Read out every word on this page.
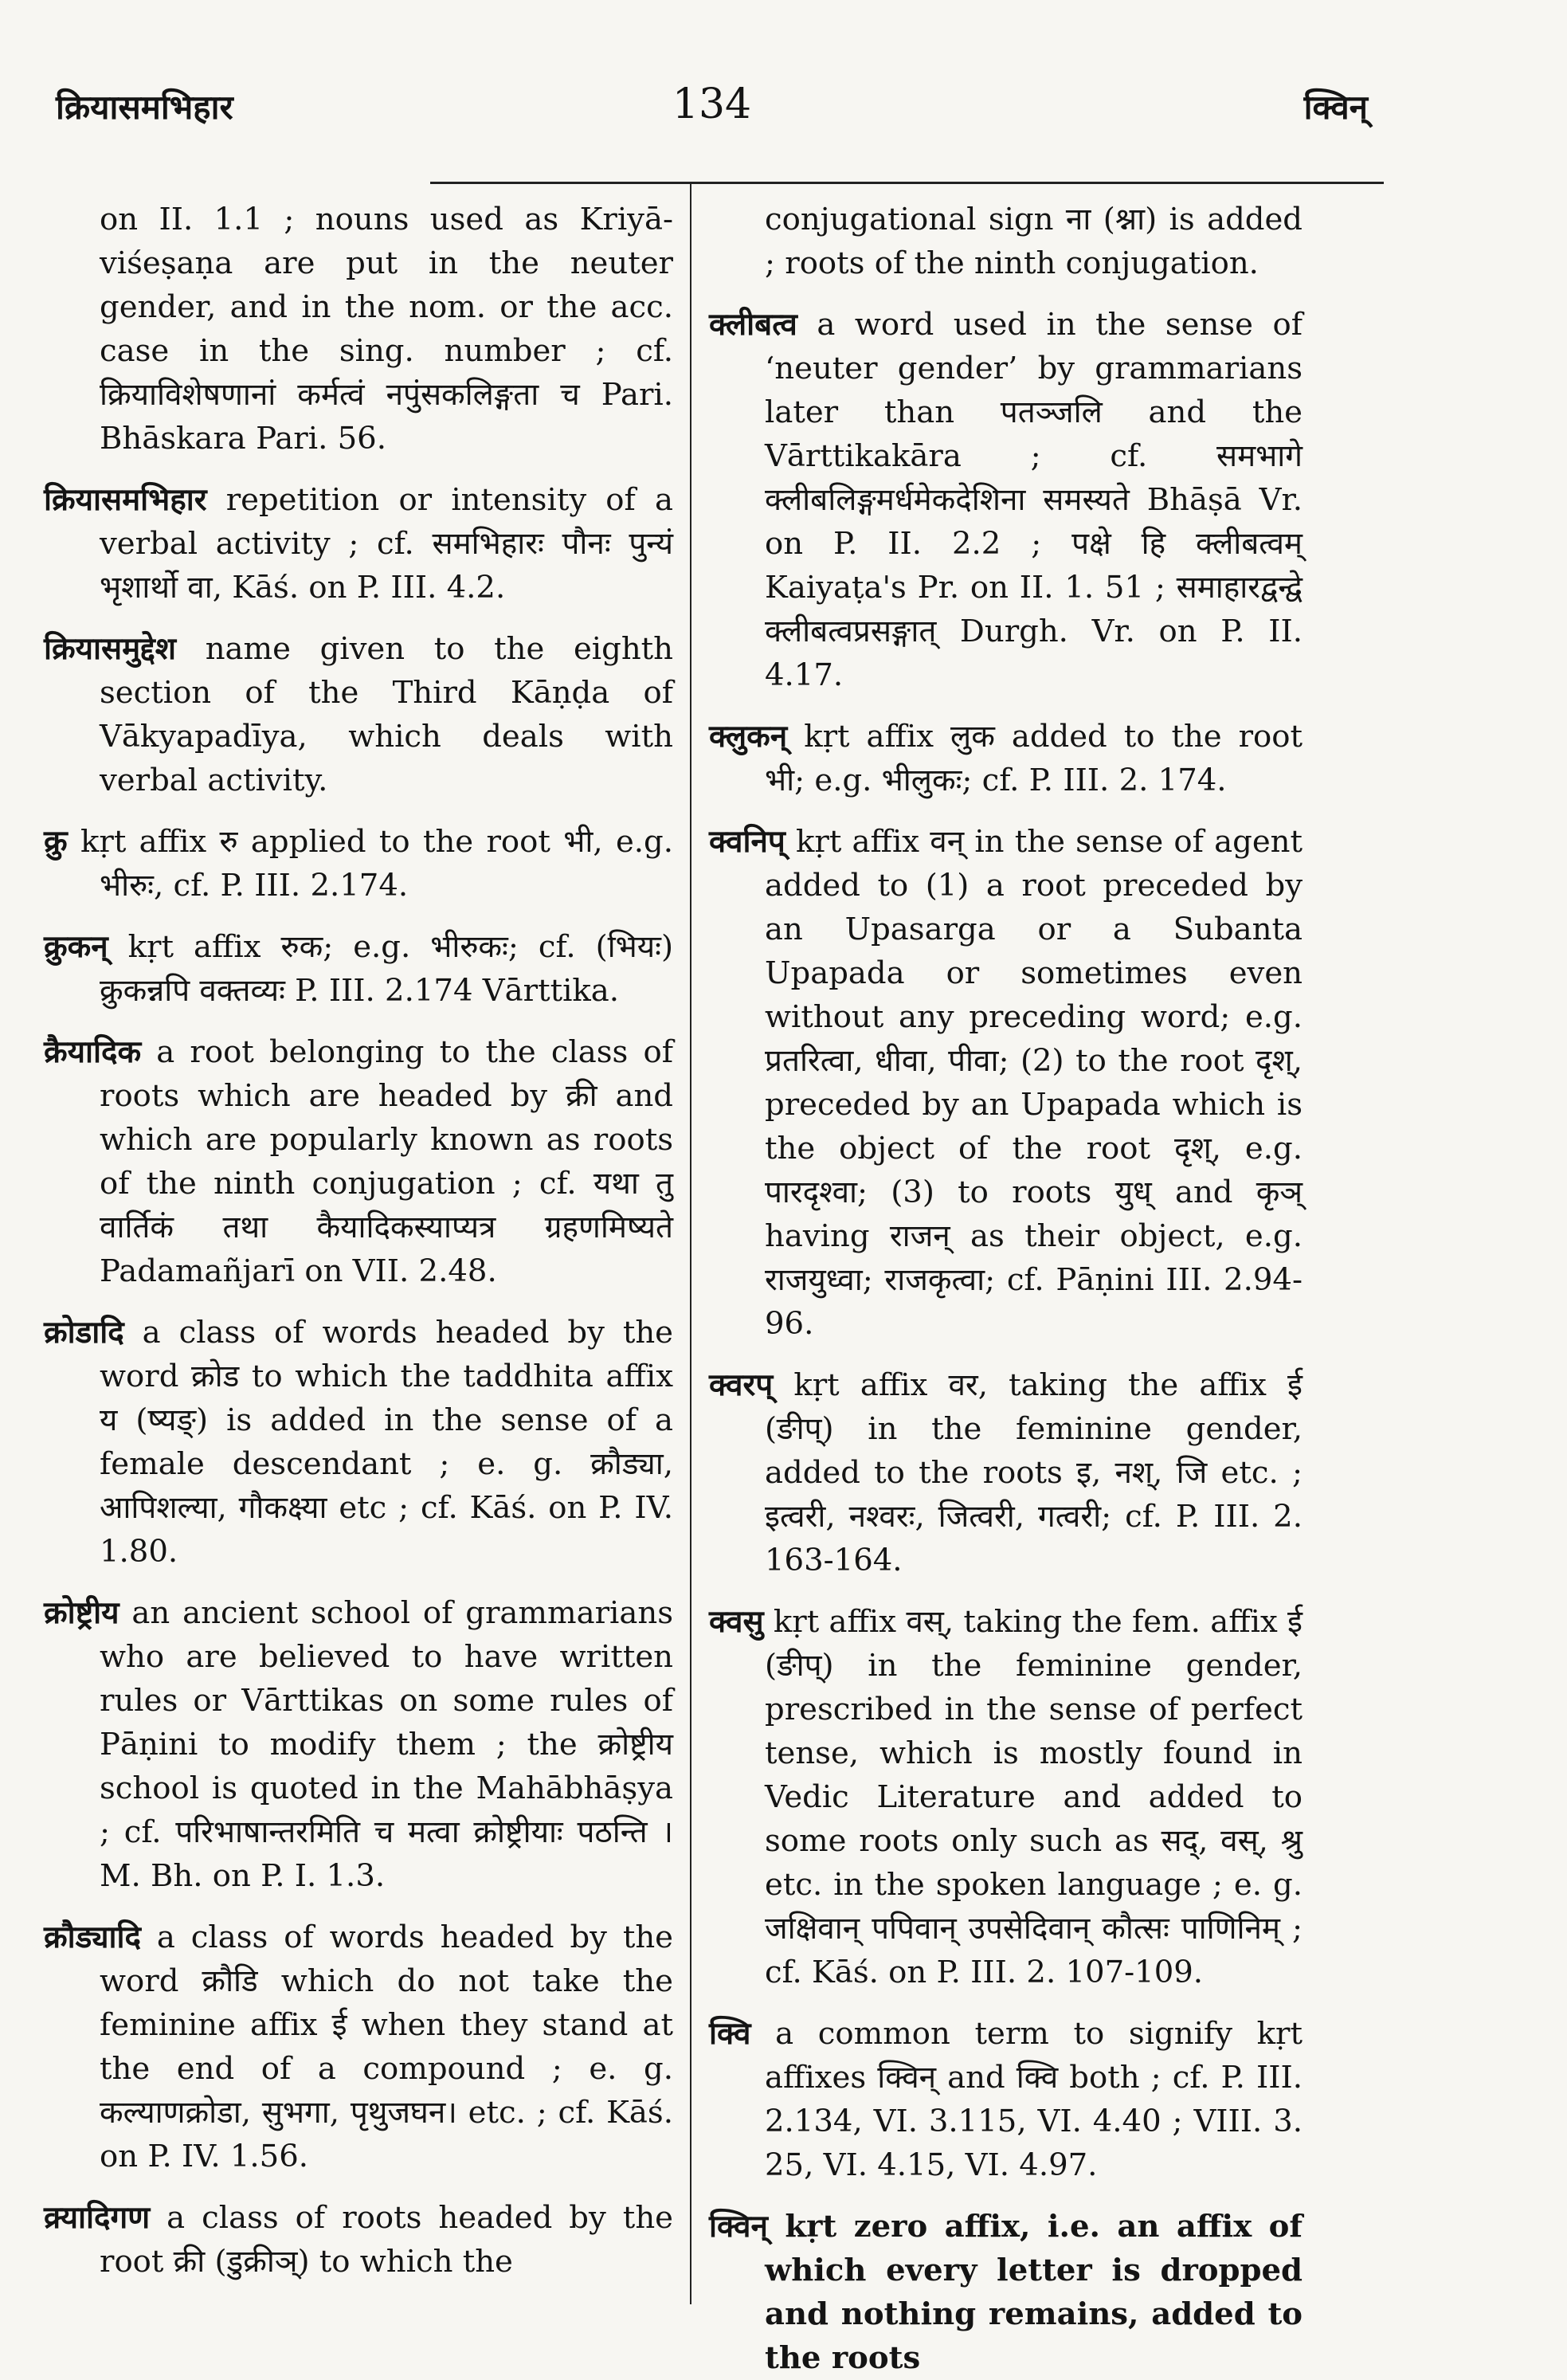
क्रियासमभिहार	134	क्विन्

on II. 1.1 ; nouns used as Kriyā-viśeṣaṇa are put in the neuter gender, and in the nom. or the acc. case in the sing. number ; cf. क्रियाविशेषणानां कर्मत्वं नपुंसकलिङ्गता च Pari. Bhāskara Pari. 56.

क्रियासमभिहार repetition or intensity of a verbal activity ; cf. समभिहारः पौनः पुन्यं भृशार्थो वा, Kāś. on P. III. 4.2.

क्रियासमुद्देश name given to the eighth section of the Third Kāṇḍa of Vākyapadīya, which deals with verbal activity.

क्रु kṛt affix रु applied to the root भी, e.g. भीरुः, cf. P. III. 2.174.

क्रुकन् kṛt affix रुक; e.g. भीरुकः; cf. (भियः) क्रुकन्नपि वक्तव्यः P. III. 2.174 Vārttika.

क्रैयादिक a root belonging to the class of roots which are headed by क्री and which are popularly known as roots of the ninth conjugation ; cf. यथा तु वार्तिकं तथा कैयादिकस्याप्यत्र ग्रहणमिष्यते Padamañjarī on VII. 2.48.

क्रोडादि a class of words headed by the word क्रोड to which the taddhita affix य (ष्यङ्) is added in the sense of a female descendant ; e. g. क्रौड्या, आपिशल्या, गौकक्ष्या etc ; cf. Kāś. on P. IV. 1.80.

क्रोष्ट्रीय an ancient school of grammarians who are believed to have written rules or Vārttikas on some rules of Pāṇini to modify them ; the क्रोष्ट्रीय school is quoted in the Mahābhāṣya ; cf. परिभाषान्तरमिति च मत्वा क्रोष्ट्रीयाः पठन्ति । M. Bh. on P. I. 1.3.

क्रौड्यादि a class of words headed by the word क्रौडि which do not take the feminine affix ई when they stand at the end of a compound ; e. g. कल्याणक्रोडा, सुभगा, पृथुजघन। etc. ; cf. Kāś. on P. IV. 1.56.

क्र्यादिगण a class of roots headed by the root क्री (डुक्रीञ्) to which the

conjugational sign ना (श्ना) is added ; roots of the ninth conjugation.

क्लीबत्व a word used in the sense of ‘neuter gender’ by grammarians later than पतञ्जलि and the Vārttikakāra ; cf. समभागे क्लीबलिङ्गमर्धमेकदेशिना समस्यते Bhāṣā Vr. on P. II. 2.2 ; पक्षे हि क्लीबत्वम् Kaiyaṭa's Pr. on II. 1. 51 ; समाहारद्वन्द्वे क्लीबत्वप्रसङ्गात् Durgh. Vr. on P. II. 4.17.

क्लुकन् kṛt affix लुक added to the root भी; e.g. भीलुकः; cf. P. III. 2. 174.

क्वनिप् kṛt affix वन् in the sense of agent added to (1) a root preceded by an Upasarga or a Subanta Upapada or sometimes even without any preceding word; e.g. प्रतरित्वा, धीवा, पीवा; (2) to the root दृश्, preceded by an Upapada which is the object of the root दृश्, e.g. पारदृश्वा; (3) to roots युध् and कृञ् having राजन् as their object, e.g. राजयुध्वा; राजकृत्वा; cf. Pāṇini III. 2.94-96.

क्वरप् kṛt affix वर, taking the affix ई (ङीप्) in the feminine gender, added to the roots इ, नश्, जि etc. ; इत्वरी, नश्वरः, जित्वरी, गत्वरी; cf. P. III. 2. 163-164.

क्वसु kṛt affix वस्, taking the fem. affix ई (ङीप्) in the feminine gender, prescribed in the sense of perfect tense, which is mostly found in Vedic Literature and added to some roots only such as सद्, वस्, श्रु etc. in the spoken language ; e. g. जक्षिवान् पपिवान् उपसेदिवान् कौत्सः पाणिनिम् ; cf. Kāś. on P. III. 2. 107-109.

क्वि a common term to signify kṛt affixes क्विन् and क्वि both ; cf. P. III. 2.134, VI. 3.115, VI. 4.40 ; VIII. 3. 25, VI. 4.15, VI. 4.97.

क्विन् kṛt zero affix, i.e. an affix of which every letter is dropped and nothing remains, added to the roots
